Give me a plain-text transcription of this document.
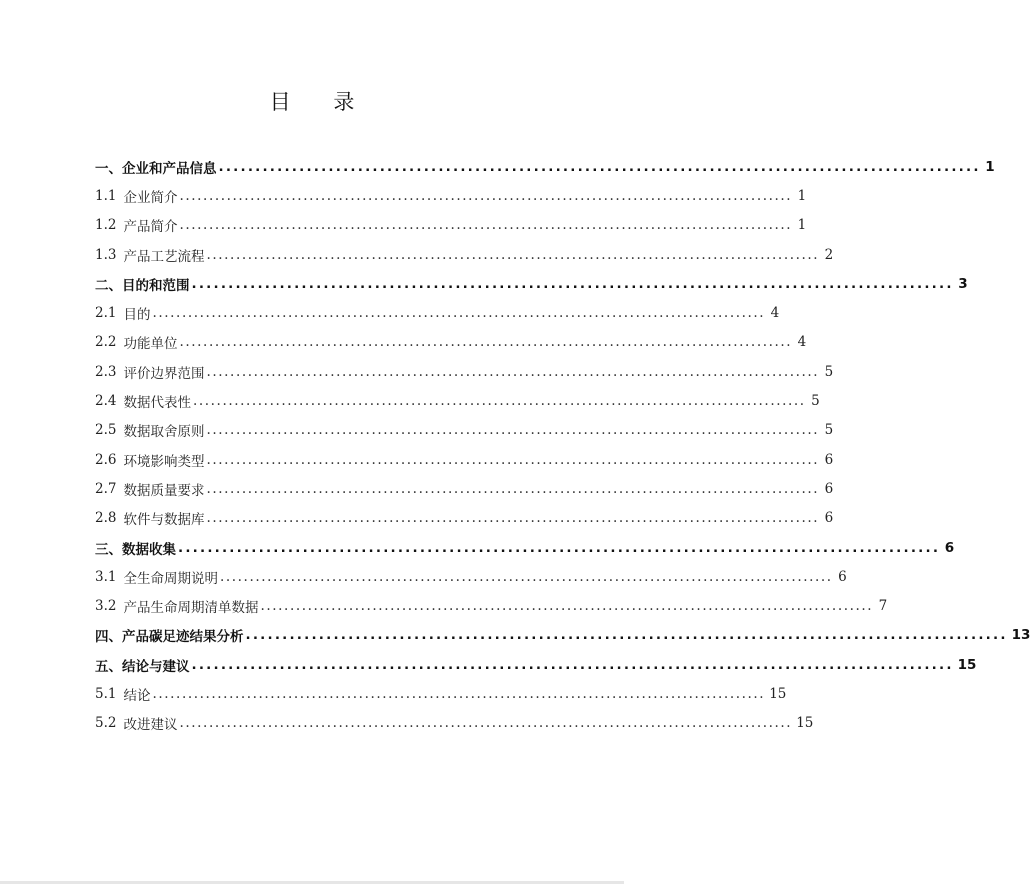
目 录
一、 企业和产品信息 ........................................................................................................ 1
1.1 企业简介 ........................................................................................................ 1
1.2 产品简介 ........................................................................................................ 1
1.3 产品工艺流程 ........................................................................................................ 2
二、 目的和范围 ........................................................................................................ 3
2.1 目的 ........................................................................................................ 4
2.2 功能单位 ........................................................................................................ 4
2.3 评价边界范围 ........................................................................................................ 5
2.4 数据代表性 ........................................................................................................ 5
2.5 数据取舍原则 ........................................................................................................ 5
2.6 环境影响类型 ........................................................................................................ 6
2.7 数据质量要求 ........................................................................................................ 6
2.8 软件与数据库 ........................................................................................................ 6
三、 数据收集 ........................................................................................................ 6
3.1 全生命周期说明 ........................................................................................................ 6
3.2 产品生命周期清单数据 ........................................................................................................ 7
四、 产品碳足迹结果分析 ........................................................................................................ 13
五、 结论与建议 ........................................................................................................ 15
5.1 结论 ........................................................................................................ 15
5.2 改进建议 ........................................................................................................ 15
